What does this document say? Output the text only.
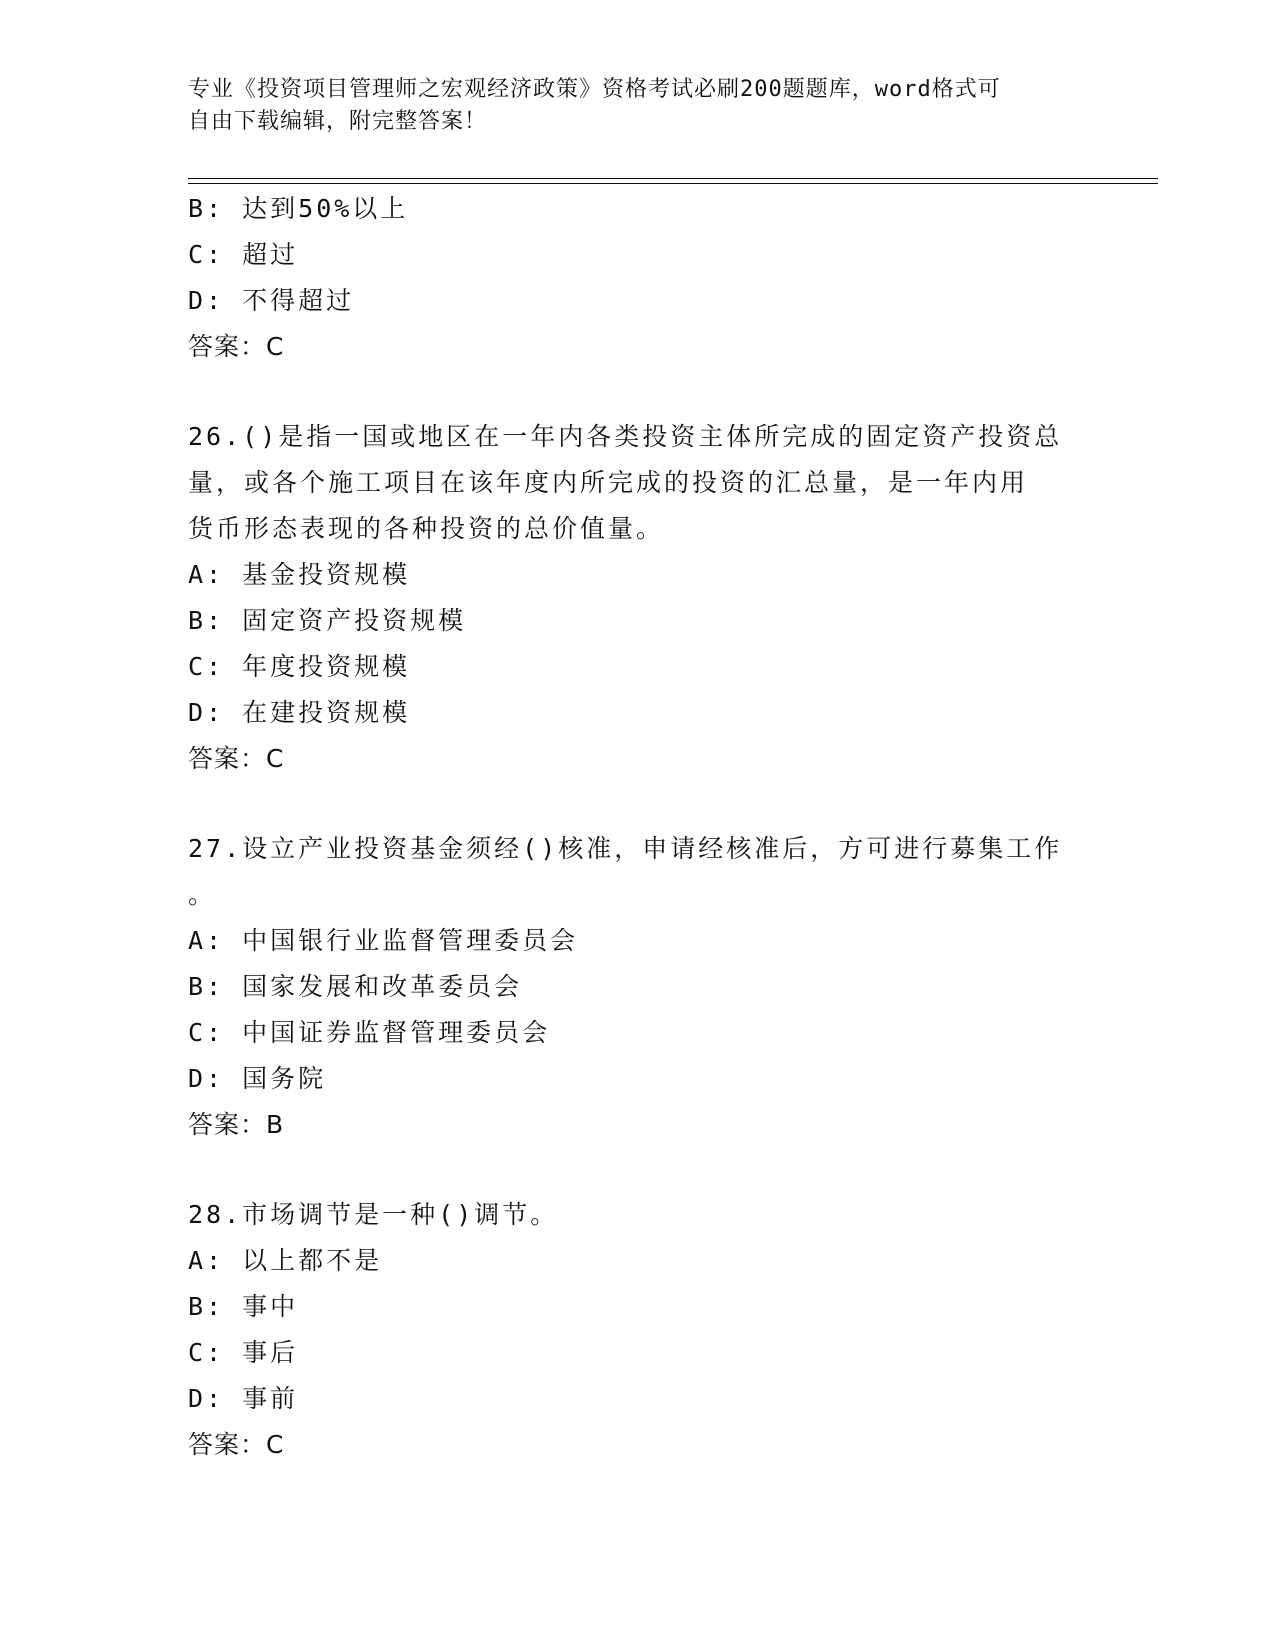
专业《投资项目管理师之宏观经济政策》资格考试必刷200题题库，word格式可
自由下载编辑，附完整答案！
B: 达到50%以上
C: 超过
D: 不得超过
答案：C
26.()是指一国或地区在一年内各类投资主体所完成的固定资产投资总
量，或各个施工项目在该年度内所完成的投资的汇总量，是一年内用
货币形态表现的各种投资的总价值量。
A: 基金投资规模
B: 固定资产投资规模
C: 年度投资规模
D: 在建投资规模
答案：C
27.设立产业投资基金须经()核准，申请经核准后，方可进行募集工作
。
A: 中国银行业监督管理委员会
B: 国家发展和改革委员会
C: 中国证券监督管理委员会
D: 国务院
答案：B
28.市场调节是一种()调节。
A: 以上都不是
B: 事中
C: 事后
D: 事前
答案：C
